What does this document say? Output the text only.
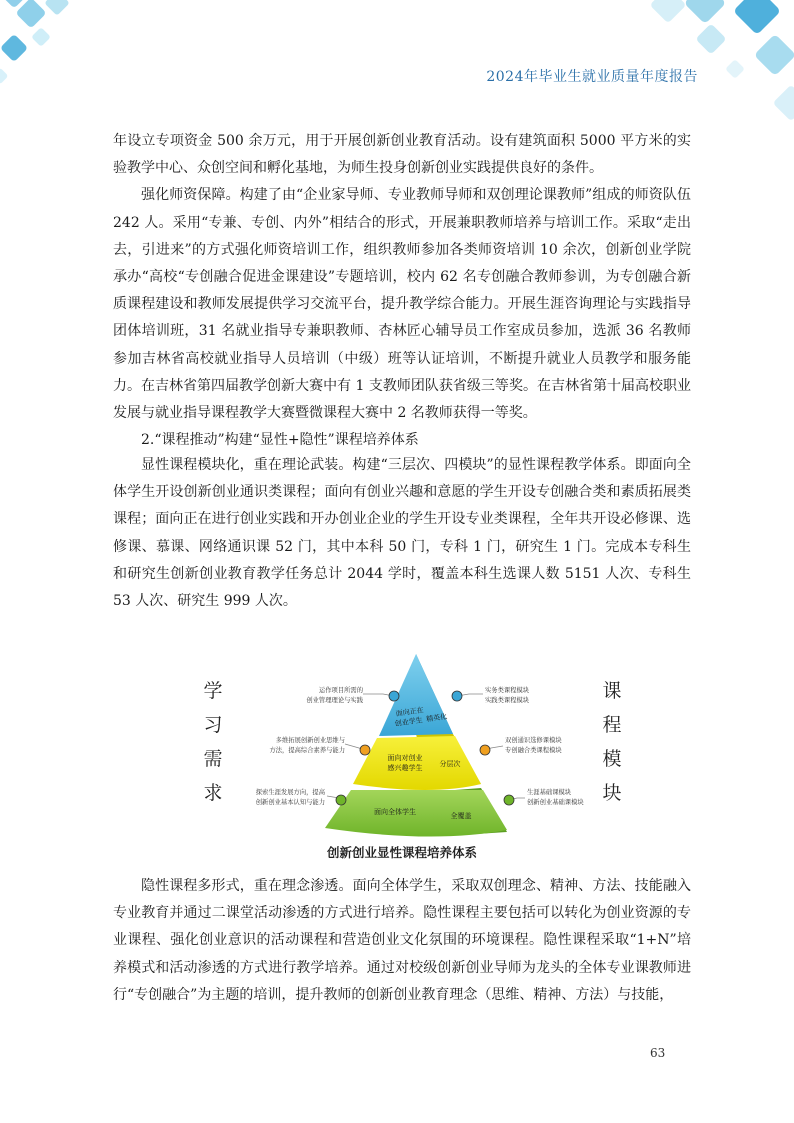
2024年毕业生就业质量年度报告

年设立专项资金 500 余万元，用于开展创新创业教育活动。设有建筑面积 5000 平方米的实验教学中心、众创空间和孵化基地，为师生投身创新创业实践提供良好的条件。

强化师资保障。构建了由“企业家导师、专业教师导师和双创理论课教师”组成的师资队伍 242 人。采用“专兼、专创、内外”相结合的形式，开展兼职教师培养与培训工作。采取“走出去，引进来”的方式强化师资培训工作，组织教师参加各类师资培训 10 余次，创新创业学院承办“高校“专创融合促进金课建设”专题培训，校内 62 名专创融合教师参训，为专创融合新质课程建设和教师发展提供学习交流平台，提升教学综合能力。开展生涯咨询理论与实践指导团体培训班，31 名就业指导专兼职教师、杏林匠心辅导员工作室成员参加，选派 36 名教师参加吉林省高校就业指导人员培训（中级）班等认证培训，不断提升就业人员教学和服务能力。在吉林省第四届教学创新大赛中有 1 支教师团队获省级三等奖。在吉林省第十届高校职业发展与就业指导课程教学大赛暨微课程大赛中 2 名教师获得一等奖。

2.“课程推动”构建“显性+隐性”课程培养体系

显性课程模块化，重在理论武装。构建“三层次、四模块”的显性课程教学体系。即面向全体学生开设创新创业通识类课程；面向有创业兴趣和意愿的学生开设专创融合类和素质拓展类课程；面向正在进行创业实践和开办创业企业的学生开设专业类课程，全年共开设必修课、选修课、慕课、网络通识课 52 门，其中本科 50 门，专科 1 门，研究生 1 门。完成本专科生和研究生创新创业教育教学任务总计 2044 学时，覆盖本科生选课人数 5151 人次、专科生 53 人次、研究生 999 人次。

面向正在
创业学生 精英化
面向对创业
感兴趣学生 分层次
面向全体学生	全覆盖
运作项目所需的
创业管理理论与实践
多维拓展创新创业思维与
方法，提高综合素养与能力
探索生涯发展方向，提高
创新创业基本认知与能力
实务类课程模块
实践类课程模块
双创通识选修课模块
专创融合类课程模块
生涯基础课模块
创新创业基础课模块
学
习
需
求
课
程
模
块
创新创业显性课程培养体系

隐性课程多形式，重在理念渗透。面向全体学生，采取双创理念、精神、方法、技能融入专业教育并通过二课堂活动渗透的方式进行培养。隐性课程主要包括可以转化为创业资源的专业课程、强化创业意识的活动课程和营造创业文化氛围的环境课程。隐性课程采取“1+N”培养模式和活动渗透的方式进行教学培养。通过对校级创新创业导师为龙头的全体专业课教师进行“专创融合”为主题的培训，提升教师的创新创业教育理念（思维、精神、方法）与技能，

63
